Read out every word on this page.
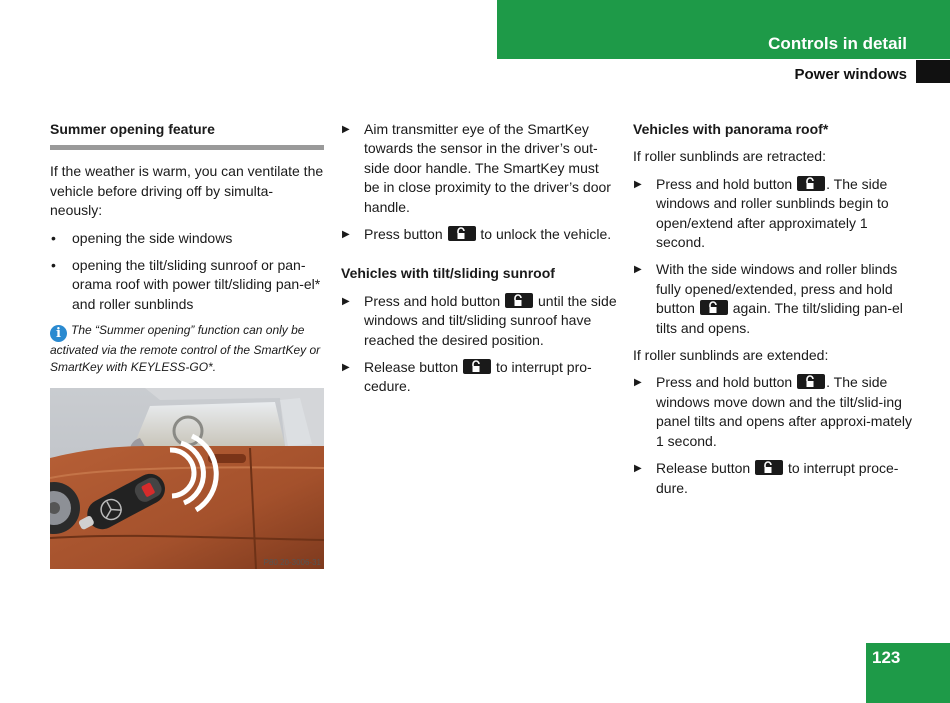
Controls in detail
Power windows
Summer opening feature

If the weather is warm, you can ventilate the vehicle before driving off by simulta-neously:

• opening the side windows
• opening the tilt/sliding sunroof or pan-orama roof with power tilt/sliding pan-el* and roller sunblinds
i The “Summer opening” function can only be activated via the remote control of the SmartKey or SmartKey with KEYLESS-GO*.
P80.20-3006-31
▶ Aim transmitter eye of the SmartKey towards the sensor in the driver’s out-side door handle. The SmartKey must be in close proximity to the driver’s door handle.
▶ Press button	to unlock the vehicle.
Vehicles with tilt/sliding sunroof
▶ Press and hold button	until the side windows and tilt/sliding sunroof have reached the desired position.
▶ Release button	to interrupt pro-cedure.
Vehicles with panorama roof*

If roller sunblinds are retracted:

▶ Press and hold button . The side windows and roller sunblinds begin to open/extend after approximately 1 second.
▶ With the side windows and roller blinds fully opened/extended, press and hold button	again. The tilt/sliding pan-el tilts and opens.

If roller sunblinds are extended:

▶ Press and hold button . The side windows move down and the tilt/slid-ing panel tilts and opens after approxi-mately 1 second.
▶ Release button	to interrupt proce-dure.
123
